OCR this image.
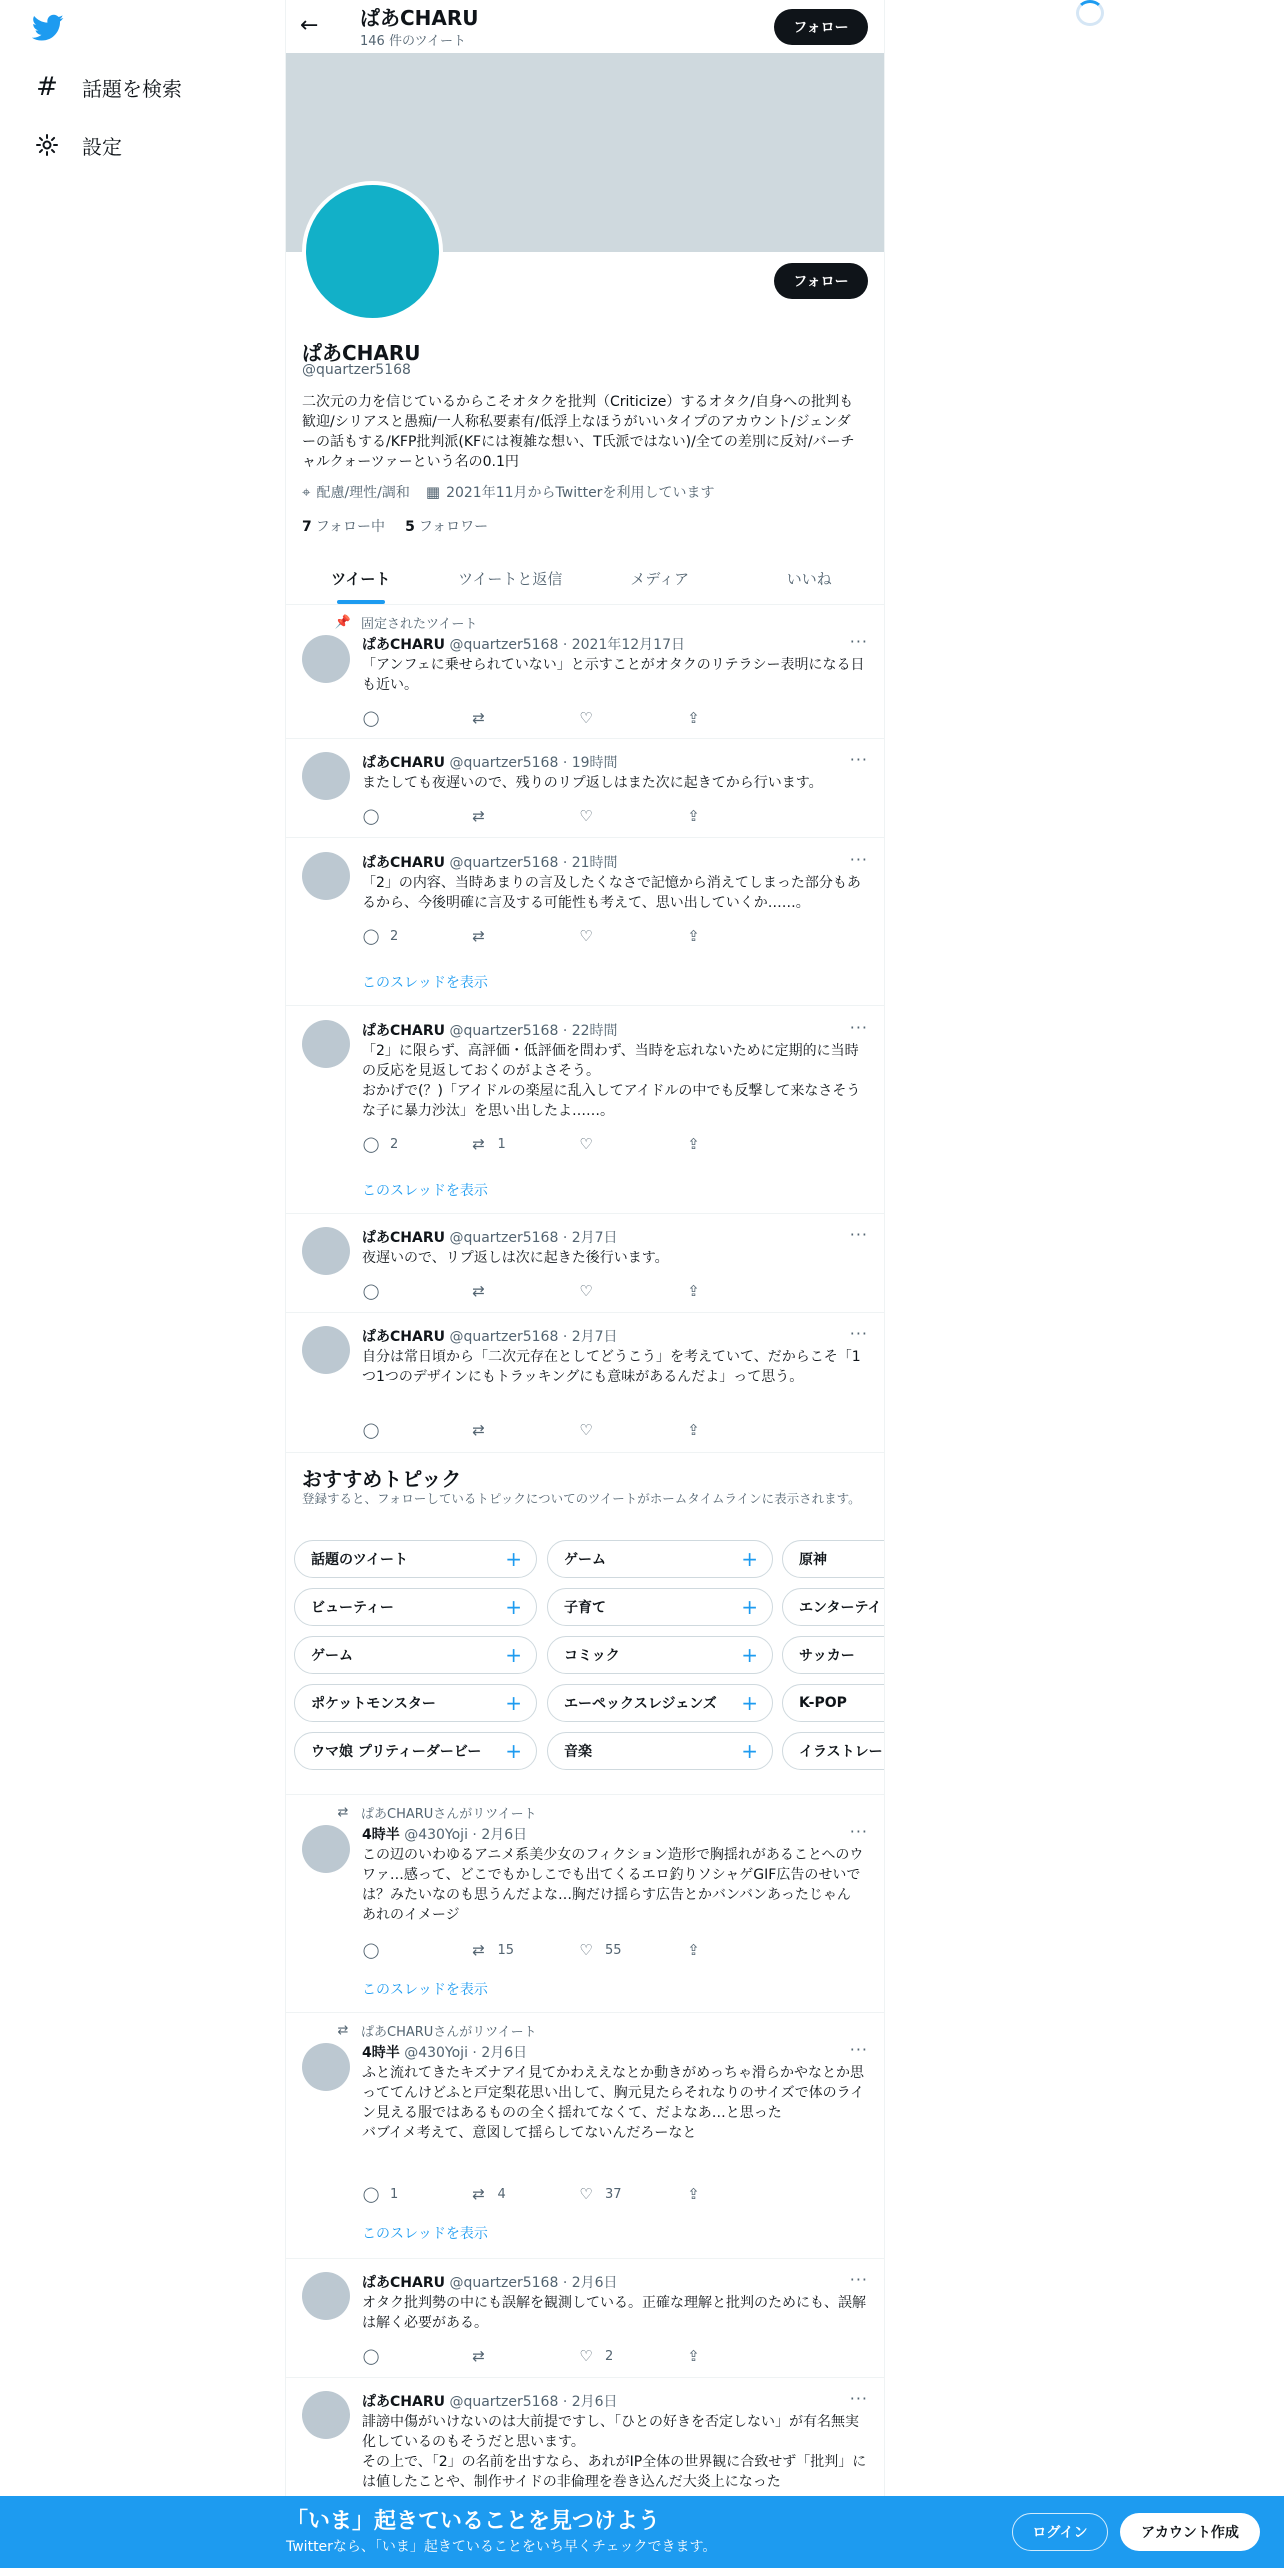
# 話題を検索
設定
← ぱあCHARU
146 件のツイート
フォロー
フォロー
ぱあCHARU
@quartzer5168
二次元の力を信じているからこそオタクを批判（Criticize）するオタク/自身への批判も歓迎/シリアスと愚痴/一人称私要素有/低浮上なほうがいいタイプのアカウント/ジェンダーの話もする/KFP批判派(KFには複雑な想い、T氏派ではない)/全ての差別に反対/バーチャルクォーツァーという名の0.1円
⌖ 配慮/理性/調和 ▦ 2021年11月からTwitterを利用しています
7 フォロー中 5 フォロワー
ツイート	ツイートと返信	メディア	いいね
📌 固定されたツイート
ぱあCHARU @quartzer5168 · 2021年12月17日	···
「アンフェに乗せられていない」と示すことがオタクのリテラシー表明になる日も近い。
◯	⇄	♡	⇪
ぱあCHARU @quartzer5168 · 19時間	···
またしても夜遅いので、残りのリプ返しはまた次に起きてから行います。
◯	⇄	♡	⇪
ぱあCHARU @quartzer5168 · 21時間	···
「2」の内容、当時あまりの言及したくなさで記憶から消えてしまった部分もあるから、今後明確に言及する可能性も考えて、思い出していくか……。
◯ 2	⇄	♡	⇪
このスレッドを表示
ぱあCHARU @quartzer5168 · 22時間	···
「2」に限らず、高評価・低評価を問わず、当時を忘れないために定期的に当時の反応を見返しておくのがよさそう。
おかげで(？)「アイドルの楽屋に乱入してアイドルの中でも反撃して来なさそうな子に暴力沙汰」を思い出したよ……。
◯ 2	⇄ 1	♡	⇪
このスレッドを表示
ぱあCHARU @quartzer5168 · 2月7日	···
夜遅いので、リプ返しは次に起きた後行います。
◯	⇄	♡	⇪
ぱあCHARU @quartzer5168 · 2月7日	···
自分は常日頃から「二次元存在としてどうこう」を考えていて、だからこそ「1つ1つのデザインにもトラッキングにも意味があるんだよ」って思う。
◯	⇄	♡	⇪
おすすめトピック
登録すると、フォローしているトピックについてのツイートがホームタイムラインに表示されます。
話題のツイート	+	ゲーム	+	原神
ビューティー	+	子育て	+	エンターテイ
ゲーム	+	コミック	+	サッカー
ポケットモンスター	+	エーペックスレジェンズ +	K-POP
ウマ娘 プリティーダービー +	音楽	+	イラストレー
⇄ ぱあCHARUさんがリツイート
4時半 @430Yoji · 2月6日	···
この辺のいわゆるアニメ系美少女のフィクション造形で胸揺れがあることへのウワァ…感って、どこでもかしこでも出てくるエロ釣りソシャゲGIF広告のせいでは？みたいなのも思うんだよな…胸だけ揺らす広告とかバンバンあったじゃん　あれのイメージ
◯	⇄ 15	♡ 55	⇪
このスレッドを表示
⇄ ぱあCHARUさんがリツイート
4時半 @430Yoji · 2月6日	···
ふと流れてきたキズナアイ見てかわええなとか動きがめっちゃ滑らかやなとか思っててんけどふと戸定梨花思い出して、胸元見たらそれなりのサイズで体のライン見える服ではあるものの全く揺れてなくて、だよなあ…と思った
バブイメ考えて、意図して揺らしてないんだろーなと
◯ 1	⇄ 4	♡ 37	⇪
このスレッドを表示
ぱあCHARU @quartzer5168 · 2月6日	···
オタク批判勢の中にも誤解を観測している。正確な理解と批判のためにも、誤解は解く必要がある。
◯	⇄	♡ 2	⇪
ぱあCHARU @quartzer5168 · 2月6日	···
誹謗中傷がいけないのは大前提ですし、「ひとの好きを否定しない」が有名無実化しているのもそうだと思います。
その上で、「2」の名前を出すなら、あれがIP全体の世界観に合致せず「批判」には値したことや、制作サイドの非倫理を巻き込んだ大炎上になった
「いま」起きていることを見つけよう
Twitterなら、「いま」起きていることをいち早くチェックできます。
ログイン	アカウント作成
